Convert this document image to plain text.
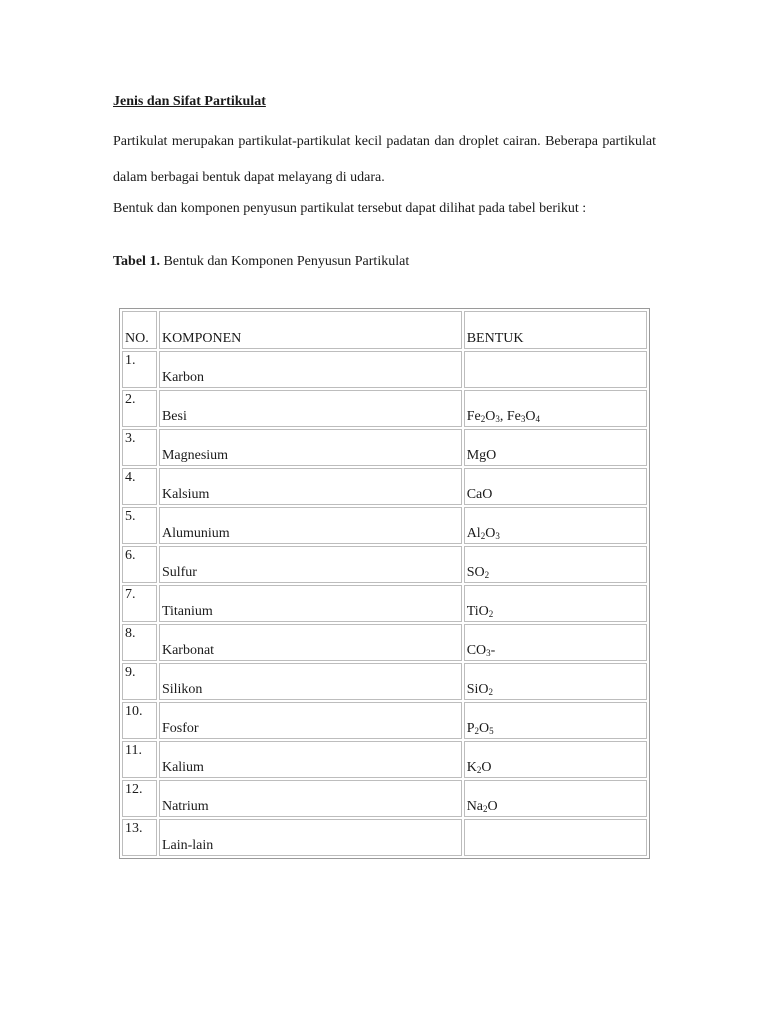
Jenis dan Sifat Partikulat

Partikulat merupakan partikulat-partikulat kecil padatan dan droplet cairan. Beberapa partikulat dalam berbagai bentuk dapat melayang di udara.

Bentuk dan komponen penyusun partikulat tersebut dapat dilihat pada tabel berikut :

Tabel 1. Bentuk dan Komponen Penyusun Partikulat

NO.	KOMPONEN	BENTUK

1.	Karbon	

2.	Besi	$Fe_2O_3$, $Fe_3O_4$

3.	Magnesium	MgO

4.	Kalsium	CaO

5.	Alumunium	$Al_2O_3$

6.	Sulfur	$SO_2$

7.	Titanium	TiO$_2$

8.	Karbonat	$CO_3-$

9.	Silikon	SiO$_2$

10.	Fosfor	$P_2O_5$

11.	Kalium	$K_2O$

12.	Natrium	$Na_2O$

13.	Lain-lain	
